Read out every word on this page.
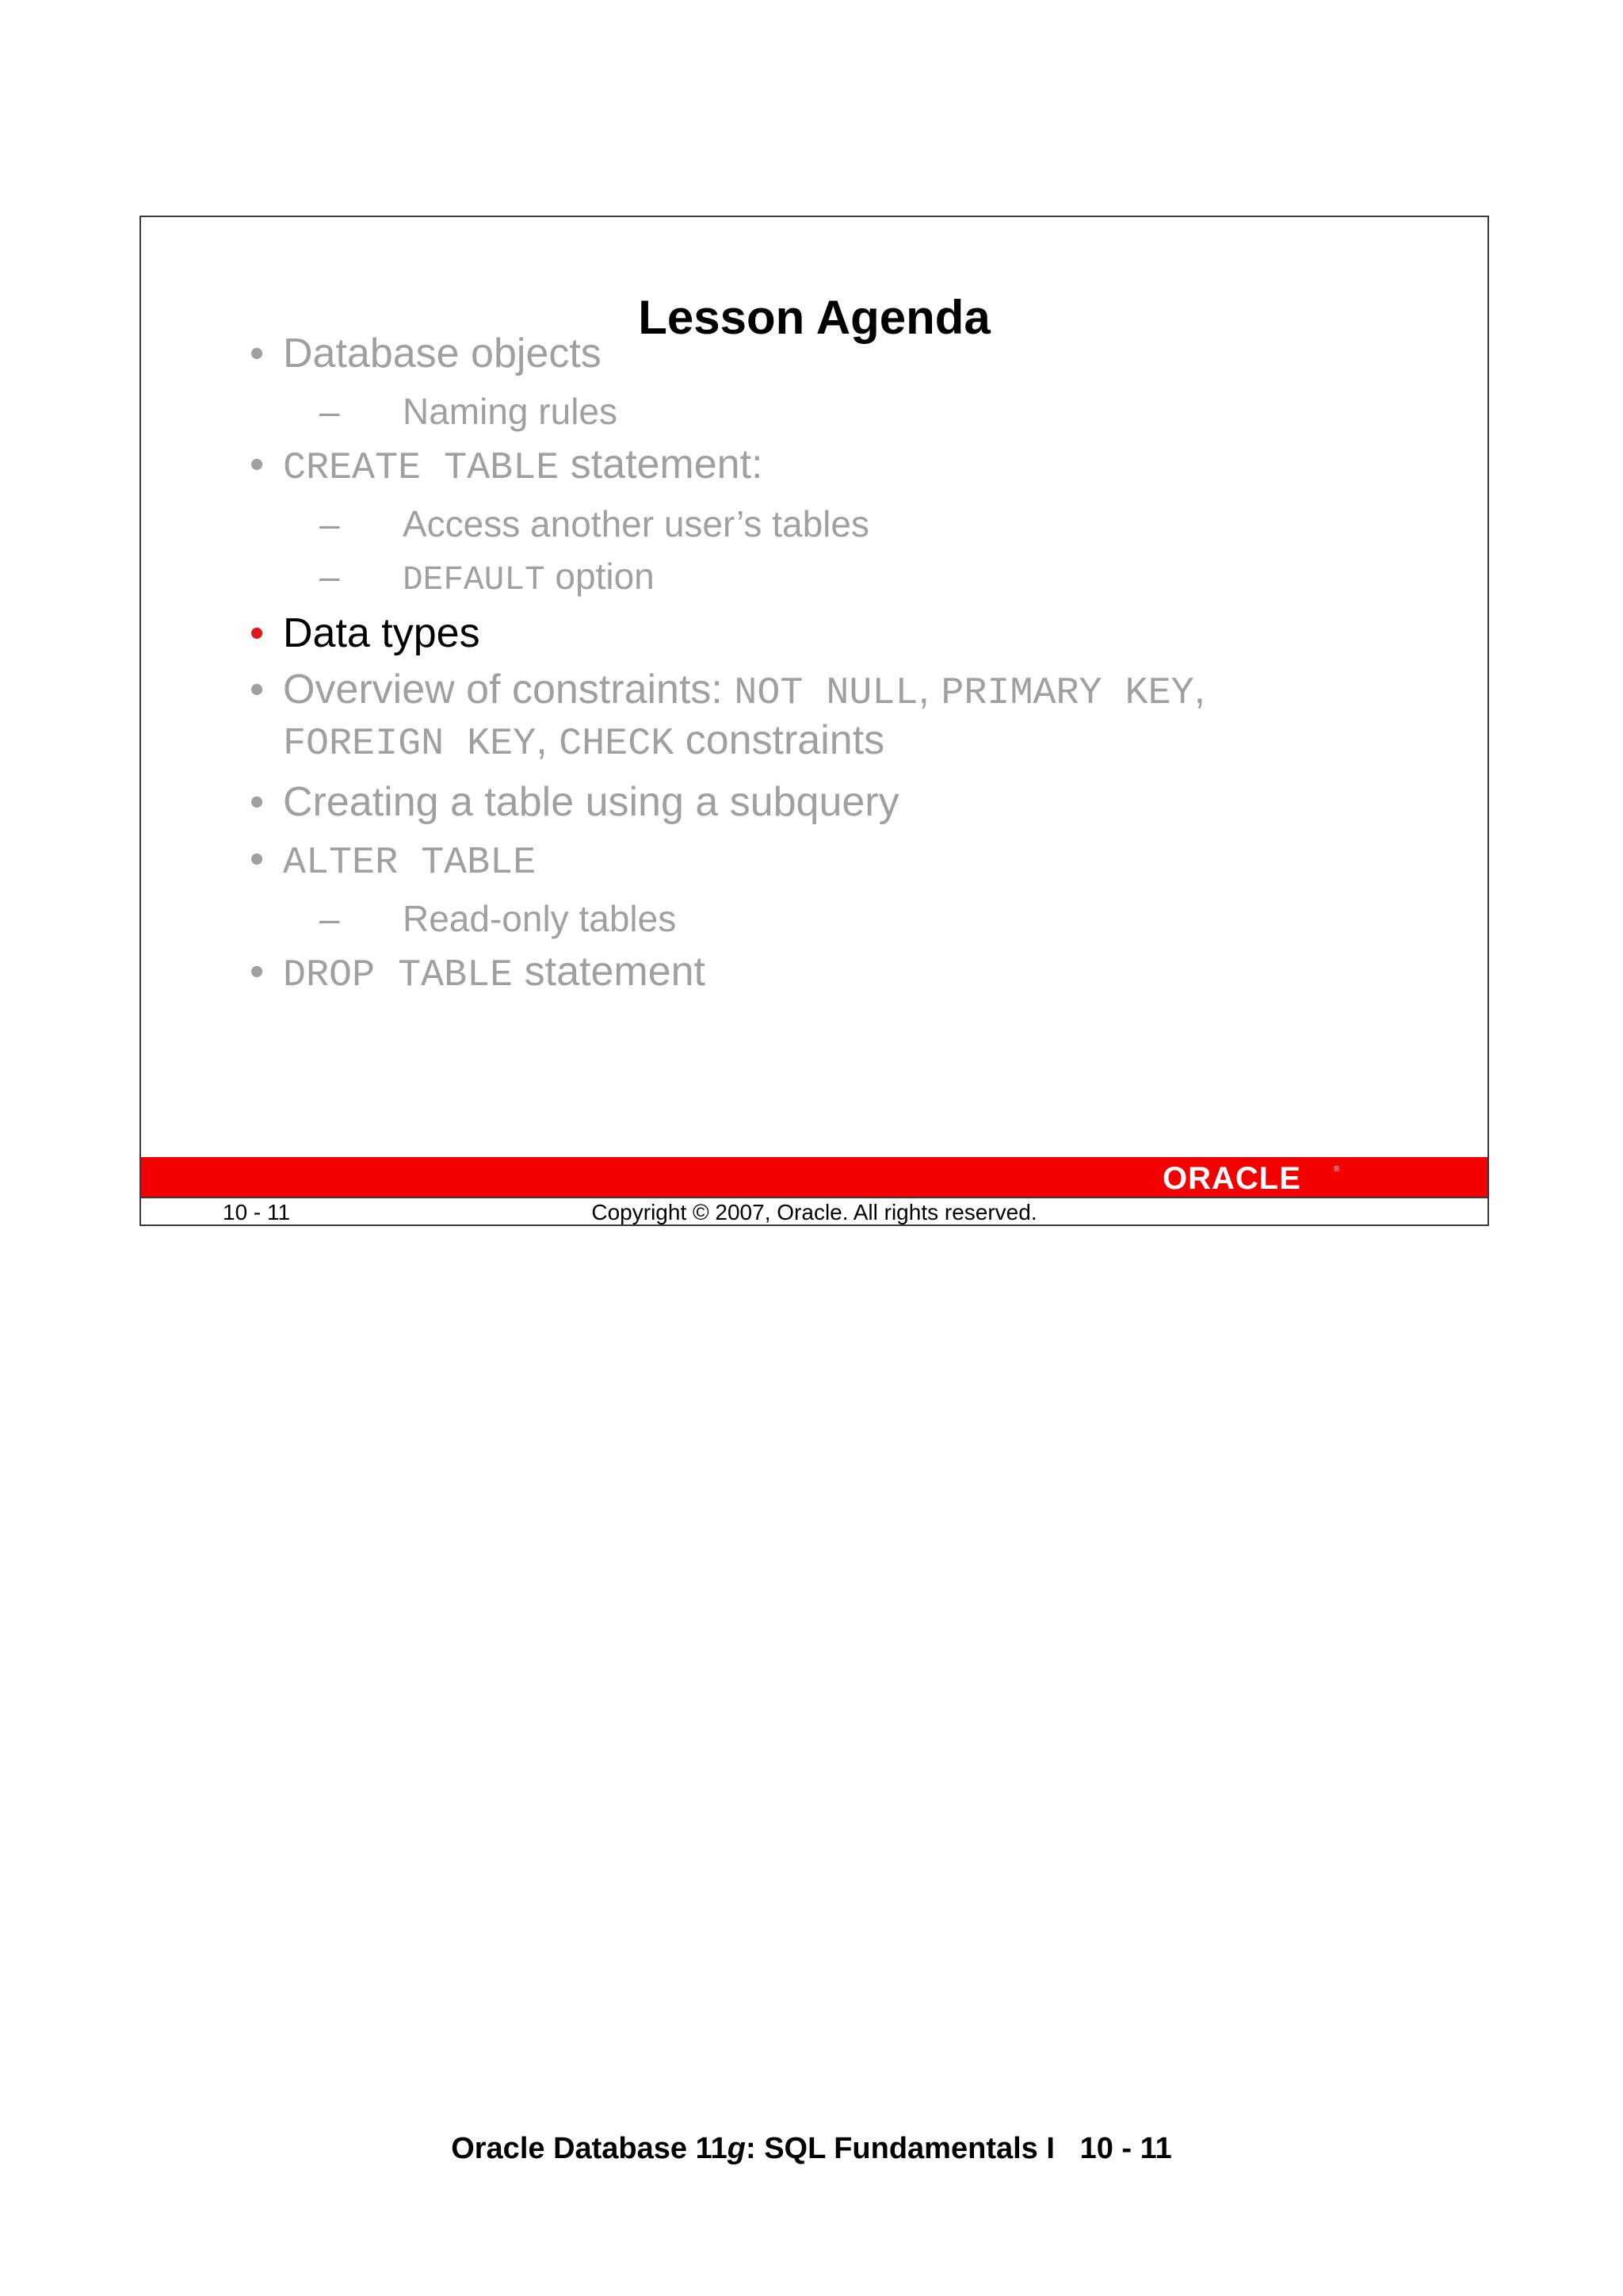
Lesson Agenda
• Database objects
–	Naming rules
• CREATE TABLE statement:
–	Access another user’s tables
–	DEFAULT option
• Data types
• Overview of constraints: NOT NULL, PRIMARY KEY,
FOREIGN KEY, CHECK constraints
• Creating a table using a subquery
• ALTER TABLE
–	Read-only tables
• DROP TABLE statement
ORACLE	®
10 - 11	Copyright © 2007, Oracle. All rights reserved.
Oracle Database 11g: SQL Fundamentals I   10 - 11
